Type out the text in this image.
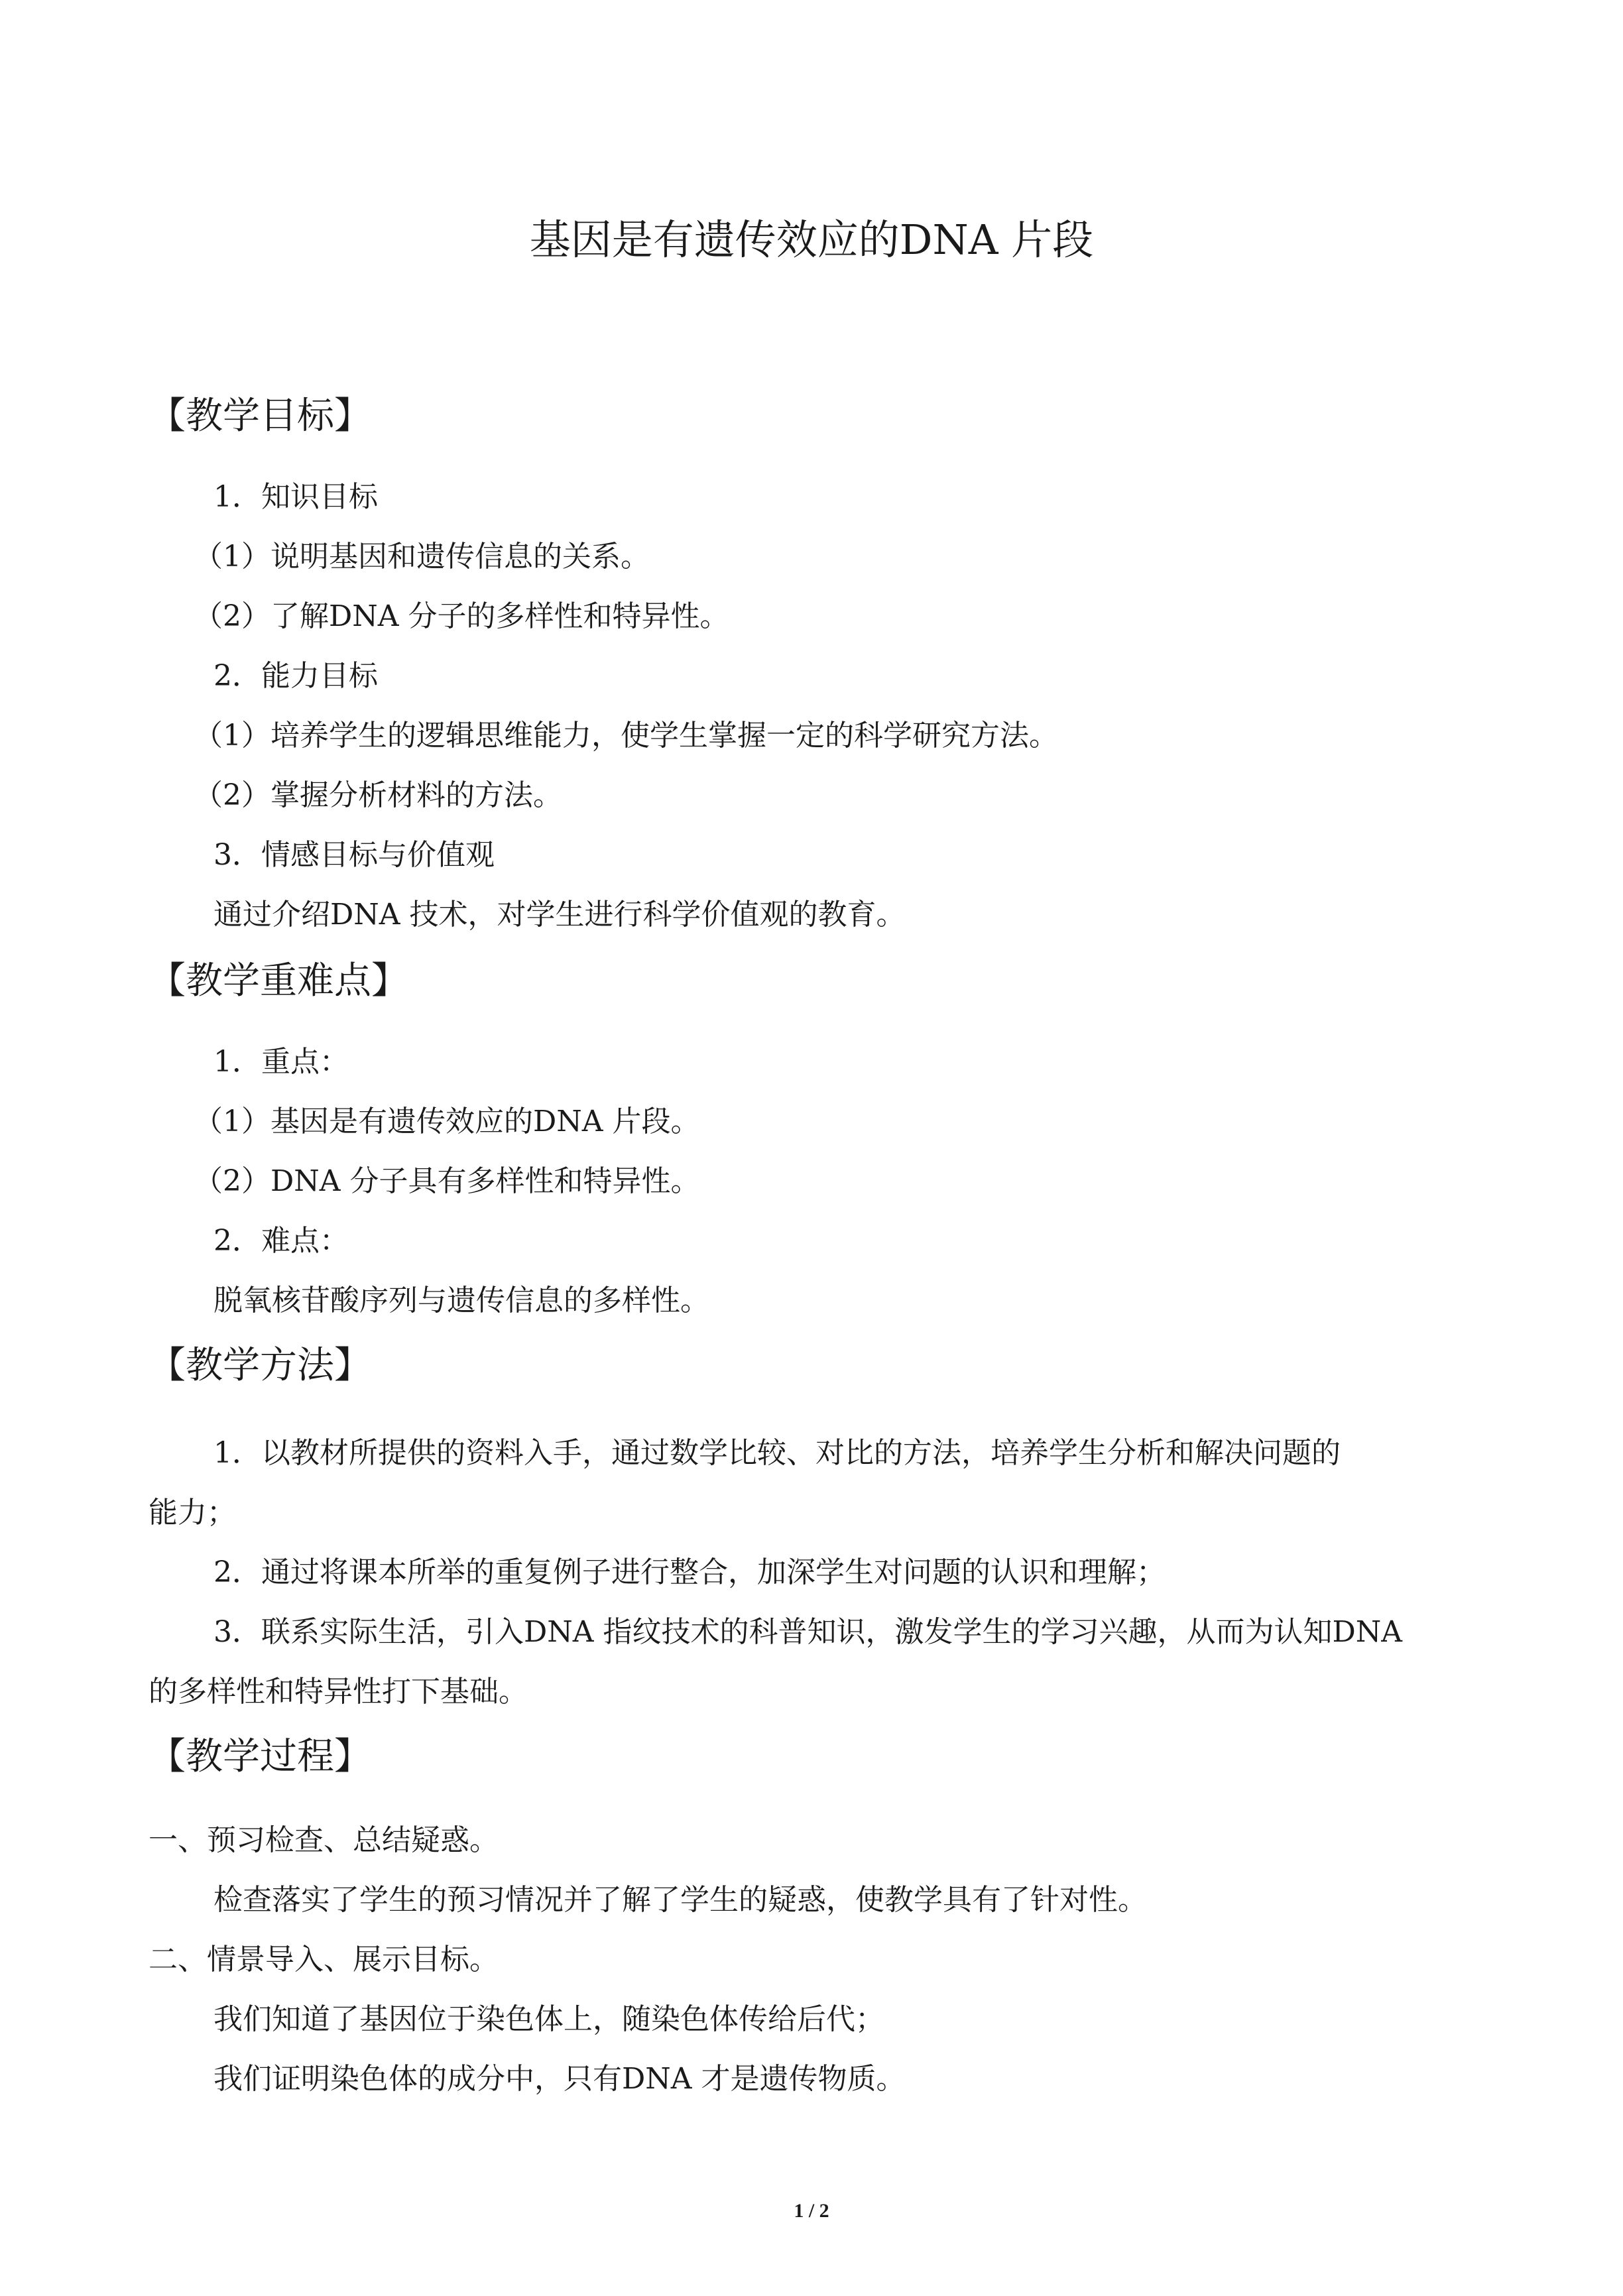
基因是有遗传效应的DNA 片段
【教学目标】
1．知识目标
（1）说明基因和遗传信息的关系。
（2）了解DNA 分子的多样性和特异性。
2．能力目标
（1）培养学生的逻辑思维能力，使学生掌握一定的科学研究方法。
（2）掌握分析材料的方法。
3．情感目标与价值观
通过介绍DNA 技术，对学生进行科学价值观的教育。
【教学重难点】
1．重点：
（1）基因是有遗传效应的DNA 片段。
（2）DNA 分子具有多样性和特异性。
2．难点：
脱氧核苷酸序列与遗传信息的多样性。
【教学方法】
1．以教材所提供的资料入手，通过数学比较、对比的方法，培养学生分析和解决问题的
能力；
2．通过将课本所举的重复例子进行整合，加深学生对问题的认识和理解；
3．联系实际生活，引入DNA 指纹技术的科普知识，激发学生的学习兴趣，从而为认知DNA
的多样性和特异性打下基础。
【教学过程】
一、预习检查、总结疑惑。
检查落实了学生的预习情况并了解了学生的疑惑，使教学具有了针对性。
二、情景导入、展示目标。
我们知道了基因位于染色体上，随染色体传给后代；
我们证明染色体的成分中，只有DNA 才是遗传物质。
1 / 2
